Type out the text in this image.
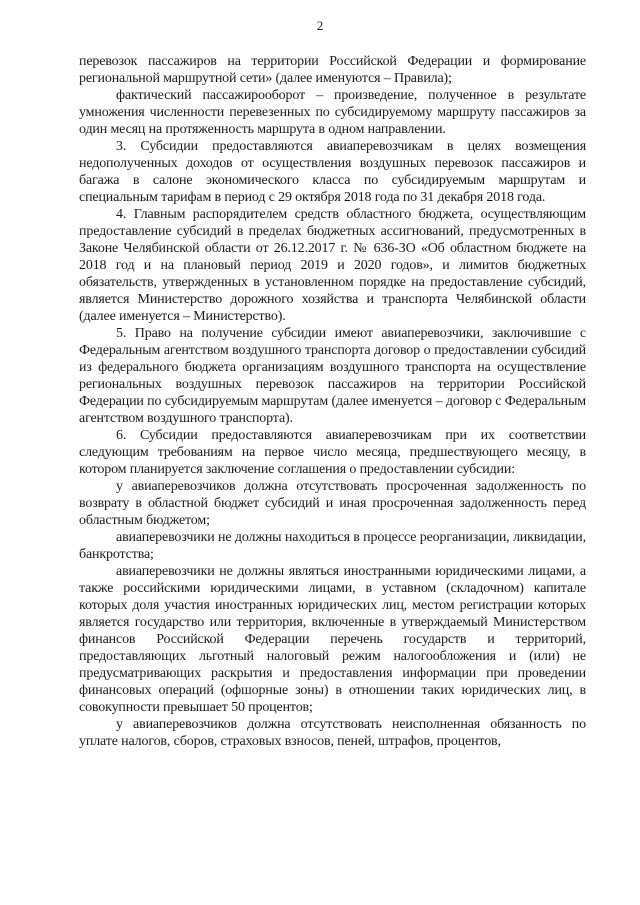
2

перевозок пассажиров на территории Российской Федерации и формирование региональной маршрутной сети» (далее именуются – Правила);

фактический пассажирооборот – произведение, полученное в результате умножения численности перевезенных по субсидируемому маршруту пассажиров за один месяц на протяженность маршрута в одном направлении.

3. Субсидии предоставляются авиаперевозчикам в целях возмещения недополученных доходов от осуществления воздушных перевозок пассажиров и багажа в салоне экономического класса по субсидируемым маршрутам и специальным тарифам в период с 29 октября 2018 года по 31 декабря 2018 года.

4. Главным распорядителем средств областного бюджета, осуществляющим предоставление субсидий в пределах бюджетных ассигнований, предусмотренных в Законе Челябинской области от 26.12.2017 г. № 636-ЗО «Об областном бюджете на 2018 год и на плановый период 2019 и 2020 годов», и лимитов бюджетных обязательств, утвержденных в установленном порядке на предоставление субсидий, является Министерство дорожного хозяйства и транспорта Челябинской области (далее именуется – Министерство).

5. Право на получение субсидии имеют авиаперевозчики, заключившие с Федеральным агентством воздушного транспорта договор о предоставлении субсидий из федерального бюджета организациям воздушного транспорта на осуществление региональных воздушных перевозок пассажиров на территории Российской Федерации по субсидируемым маршрутам (далее именуется – договор с Федеральным агентством воздушного транспорта).

6. Субсидии предоставляются авиаперевозчикам при их соответствии следующим требованиям на первое число месяца, предшествующего месяцу, в котором планируется заключение соглашения о предоставлении субсидии:

у авиаперевозчиков должна отсутствовать просроченная задолженность по возврату в областной бюджет субсидий и иная просроченная задолженность перед областным бюджетом;

авиаперевозчики не должны находиться в процессе реорганизации, ликвидации, банкротства;

авиаперевозчики не должны являться иностранными юридическими лицами, а также российскими юридическими лицами, в уставном (складочном) капитале которых доля участия иностранных юридических лиц, местом регистрации которых является государство или территория, включенные в утверждаемый Министерством финансов Российской Федерации перечень государств и территорий, предоставляющих льготный налоговый режим налогообложения и (или) не предусматривающих раскрытия и предоставления информации при проведении финансовых операций (офшорные зоны) в отношении таких юридических лиц, в совокупности превышает 50 процентов;

у авиаперевозчиков должна отсутствовать неисполненная обязанность по уплате налогов, сборов, страховых взносов, пеней, штрафов, процентов,
